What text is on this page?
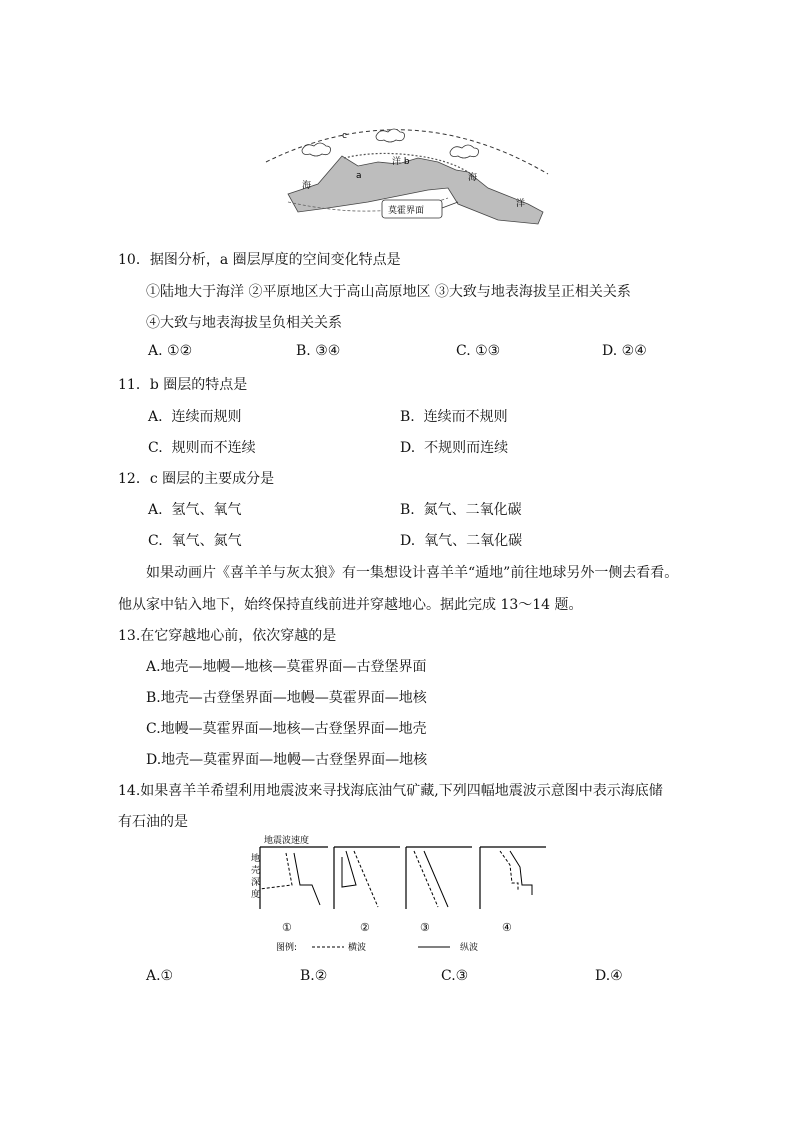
c
a
洋 b
海
海
洋
莫霍界面
10．据图分析，a 圈层厚度的空间变化特点是
①陆地大于海洋 ②平原地区大于高山高原地区 ③大致与地表海拔呈正相关关系
④大致与地表海拔呈负相关关系
A. ①②	B. ③④	C. ①③	D. ②④
11．b 圈层的特点是
A. 连续而规则	B. 连续而不规则
C. 规则而不连续	D. 不规则而连续
12．c 圈层的主要成分是
A. 氢气、氧气	B. 氮气、二氧化碳
C. 氧气、氮气	D. 氧气、二氧化碳
如果动画片《喜羊羊与灰太狼》有一集想设计喜羊羊“遁地”前往地球另外一侧去看看。
他从家中钻入地下，始终保持直线前进并穿越地心。据此完成 13～14 题。
13.在它穿越地心前，依次穿越的是
A.地壳—地幔—地核—莫霍界面—古登堡界面
B.地壳—古登堡界面—地幔—莫霍界面—地核
C.地幔—莫霍界面—地核—古登堡界面—地壳
D.地壳—莫霍界面—地幔—古登堡界面—地核
14.如果喜羊羊希望利用地震波来寻找海底油气矿藏,下列四幅地震波示意图中表示海底储
有石油的是
地震波速度
地
壳
深
度
①	②	③	④
图例:	横波	纵波
A.①	B.②	C.③	D.④
